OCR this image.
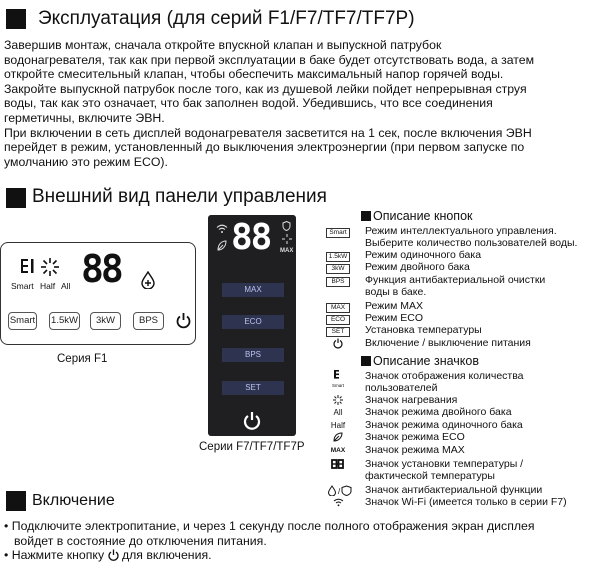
Эксплуатация (для серий F1/F7/TF7/TF7P)

Завершив монтаж, сначала откройте впускной клапан и выпускной патрубок

водонагревателя, так как при первой эксплуатации в баке будет отсутствовать вода, а затем

откройте смесительный клапан, чтобы обеспечить максимальный напор горячей воды.

Закройте выпускной патрубок после того, как из душевой лейки пойдет непрерывная струя

воды, так как это означает, что бак заполнен водой. Убедившись, что все соединения

герметичны, включите ЭВН.

При включении в сеть дисплей водонагревателя засветится на 1 сек, после включения ЭВН

перейдет в режим, установленный до выключения электроэнергии (при первом запуске по

умолчанию это режим ECO).

Внешний вид панели управления
Smart Half All 88
Smart 1.5kW	3kW	BPS
Серия F1
88 MAX
MAX
ECO
BPS
SET
Серии F7/TF7/TF7P
Описание кнопок
Smart	Режим интеллектуального управления. Выберите количество пользователей воды.
1.5kW Режим одиночного бака
3kW	Режим двойного бака
BPS	Функция антибактериальной очистки воды в баке.
MAX	Режим MAX
ECO	Режим ECO
SET	Установка температуры
Включение / выключение питания
Описание значков
Smart
Значок отображения количества пользователей
Значок нагревания
All	Значок режима двойного бака
Half	Значок режима одиночного бака
Значок режима ECO
MAX	Значок режима MAX
Значок установки температуры / фактической температуры
/ Значок антибактериальной функции
Значок Wi-Fi (имеется только в серии F7)
Включение
• Подключите электропитание, и через 1 секунду после полного отображения экран дисплея
войдет в состояние до отключения питания.
• Нажмите кнопку для включения.
